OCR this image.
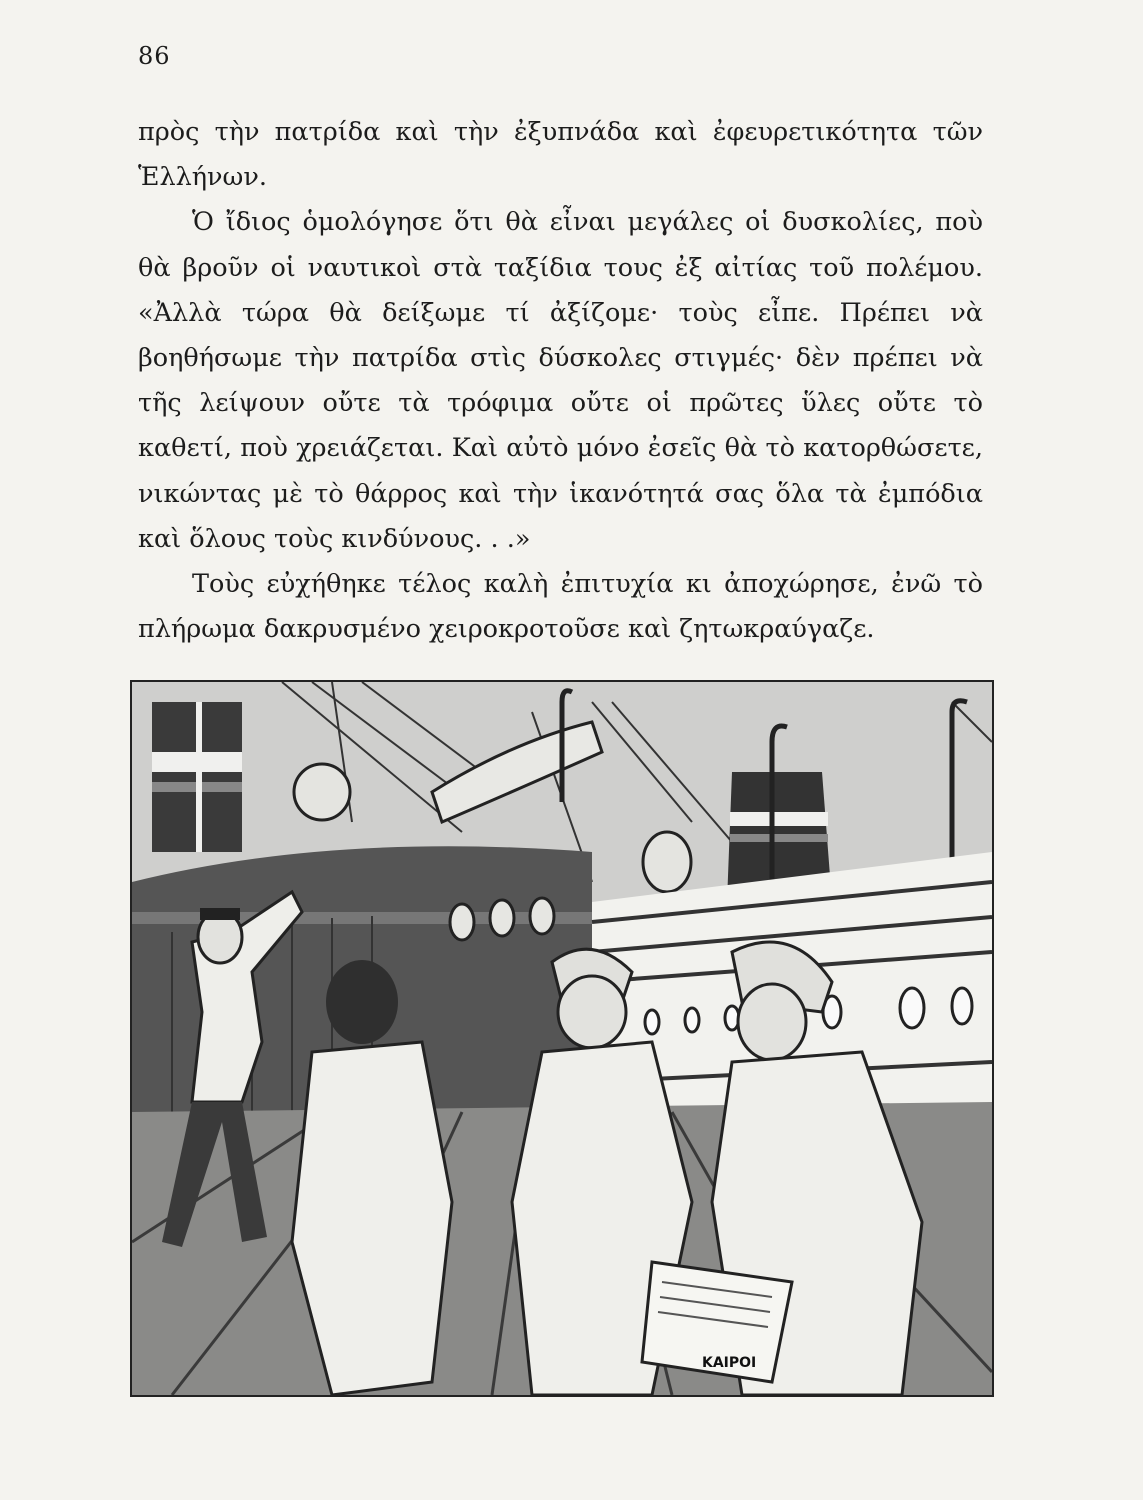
86

πρὸς τὴν πατρίδα καὶ τὴν ἐξυπνάδα καὶ ἐφευρετικότητα τῶν Ἑλλήνων.

Ὁ ἴδιος ὁμολόγησε ὅτι θὰ εἶναι μεγάλες οἱ δυσκολίες, ποὺ θὰ βροῦν οἱ ναυτικοὶ στὰ ταξίδια τους ἐξ αἰτίας τοῦ πολέμου. «Ἀλλὰ τώρα θὰ δείξωμε τί ἀξίζομε· τοὺς εἶπε. Πρέπει νὰ βοηθήσωμε τὴν πατρίδα στὶς δύσκολες στιγμές· δὲν πρέπει νὰ τῆς λείψουν οὔτε τὰ τρόφιμα οὔτε οἱ πρῶτες ὕλες οὔτε τὸ καθετί, ποὺ χρειάζεται. Καὶ αὐτὸ μόνο ἐσεῖς θὰ τὸ κατορθώσετε, νικώντας μὲ τὸ θάρρος καὶ τὴν ἱκανότητά σας ὅλα τὰ ἐμπόδια καὶ ὅλους τοὺς κινδύνους. . .»

Τοὺς εὐχήθηκε τέλος καλὴ ἐπιτυχία κι ἀποχώρησε, ἐνῶ τὸ πλήρωμα δακρυσμένο χειροκροτοῦσε καὶ ζητωκραύγαζε.

ΚΑΙΡΟΙ
